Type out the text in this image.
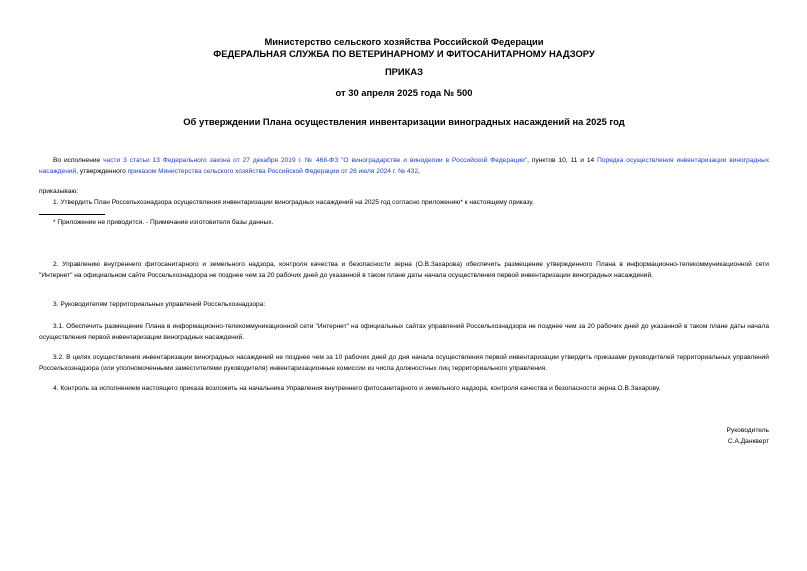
Министерство сельского хозяйства Российской Федерации
ФЕДЕРАЛЬНАЯ СЛУЖБА ПО ВЕТЕРИНАРНОМУ И ФИТОСАНИТАРНОМУ НАДЗОРУ
ПРИКАЗ
от 30 апреля 2025 года № 500
Об утверждении Плана осуществления инвентаризации виноградных насаждений на 2025 год
Во исполнение части 3 статьи 13 Федерального закона от 27 декабря 2019 г. № 468-ФЗ "О виноградарстве и виноделии в Российской Федерации", пунктов 10, 11 и 14 Порядка осуществления инвентаризации виноградных насаждений, утвержденного приказом Министерства сельского хозяйства Российской Федерации от 26 июля 2024 г. № 432,
приказываю:
1. Утвердить План Россельхознадзора осуществления инвентаризации виноградных насаждений на 2025 год согласно приложению* к настоящему приказу.
* Приложение не приводится. - Примечание изготовителя базы данных.
2. Управлению внутреннего фитосанитарного и земельного надзора, контроля качества и безопасности зерна (О.В.Захарова) обеспечить размещение утвержденного Плана в информационно-телекоммуникационной сети "Интернет" на официальном сайте Россельхознадзора не позднее чем за 20 рабочих дней до указанной в таком плане даты начала осуществления первой инвентаризации виноградных насаждений.
3. Руководителям территориальных управлений Россельхознадзора:
3.1. Обеспечить размещение Плана в информационно-телекоммуникационной сети "Интернет" на официальных сайтах управлений Россельхознадзора не позднее чем за 20 рабочих дней до указанной в таком плане даты начала осуществления первой инвентаризации виноградных насаждений.
3.2. В целях осуществления инвентаризации виноградных насаждений не позднее чем за 10 рабочих дней до дня начала осуществления первой инвентаризации утвердить приказами руководителей территориальных управлений Россельхознадзора (или уполномоченными заместителями руководителя) инвентаризационные комиссии из числа должностных лиц территориального управления.
4. Контроль за исполнением настоящего приказа возложить на начальника Управления внутреннего фитосанитарного и земельного надзора, контроля качества и безопасности зерна О.В.Захарову.
Руководитель
С.А.Данкверт
